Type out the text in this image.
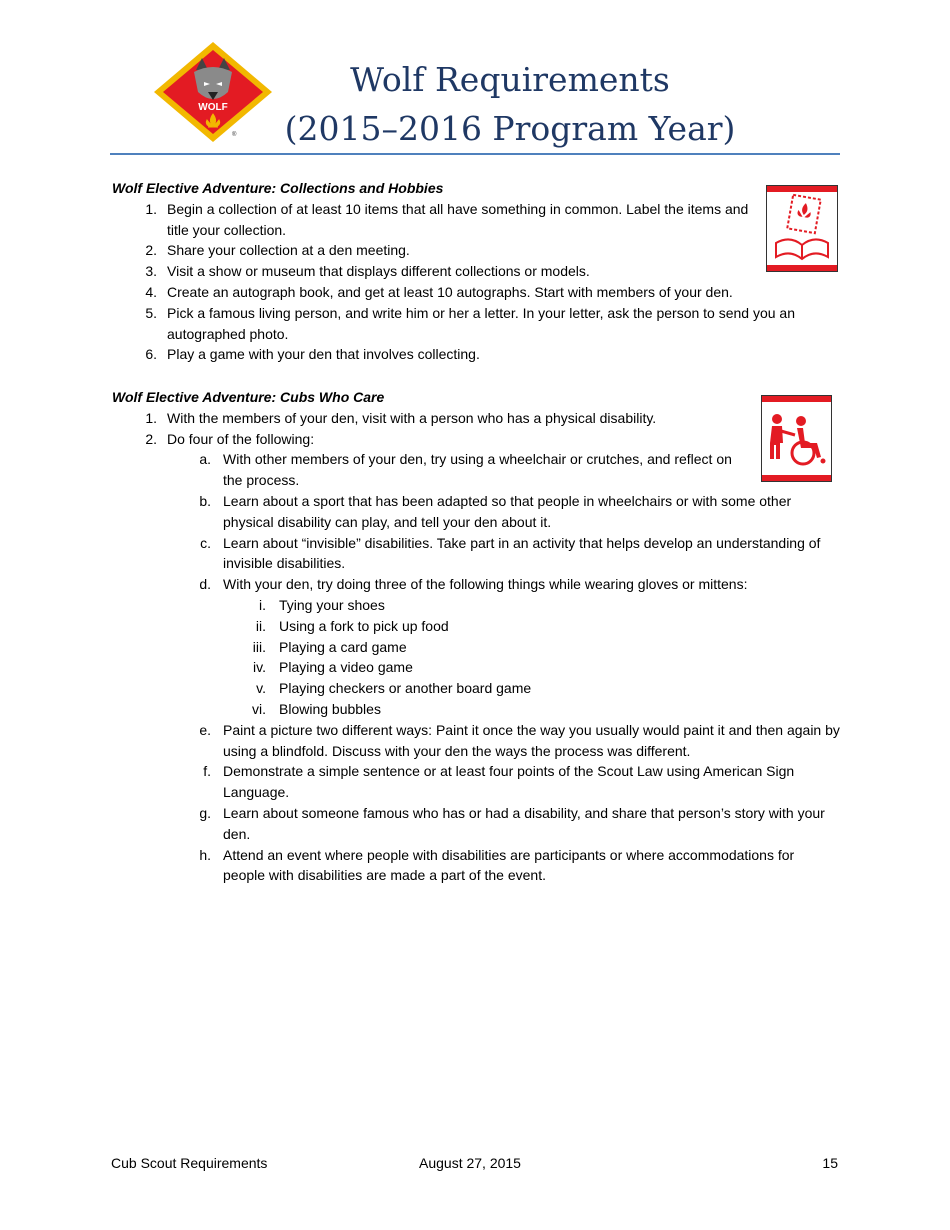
WOLF
®
Wolf Requirements
(2015–2016 Program Year)
Wolf Elective Adventure: Collections and Hobbies
1. Begin a collection of at least 10 items that all have something in common. Label the items and title your collection.
2. Share your collection at a den meeting.
3. Visit a show or museum that displays different collections or models.
4. Create an autograph book, and get at least 10 autographs. Start with members of your den.
5. Pick a famous living person, and write him or her a letter. In your letter, ask the person to send you an autographed photo.
6. Play a game with your den that involves collecting.
Wolf Elective Adventure: Cubs Who Care
1. With the members of your den, visit with a person who has a physical disability.
2. Do four of the following:
a. With other members of your den, try using a wheelchair or crutches, and reflect on the process.
b. Learn about a sport that has been adapted so that people in wheelchairs or with some other physical disability can play, and tell your den about it.
c. Learn about “invisible” disabilities. Take part in an activity that helps develop an understanding of invisible disabilities.
d. With your den, try doing three of the following things while wearing gloves or mittens:
i. Tying your shoes
ii. Using a fork to pick up food
iii. Playing a card game
iv. Playing a video game
v. Playing checkers or another board game
vi. Blowing bubbles
e. Paint a picture two different ways: Paint it once the way you usually would paint it and then again by using a blindfold. Discuss with your den the ways the process was different.
f. Demonstrate a simple sentence or at least four points of the Scout Law using American Sign Language.
g. Learn about someone famous who has or had a disability, and share that person’s story with your den.
h. Attend an event where people with disabilities are participants or where accommodations for people with disabilities are made a part of the event.
Cub Scout Requirements	August 27, 2015	15
